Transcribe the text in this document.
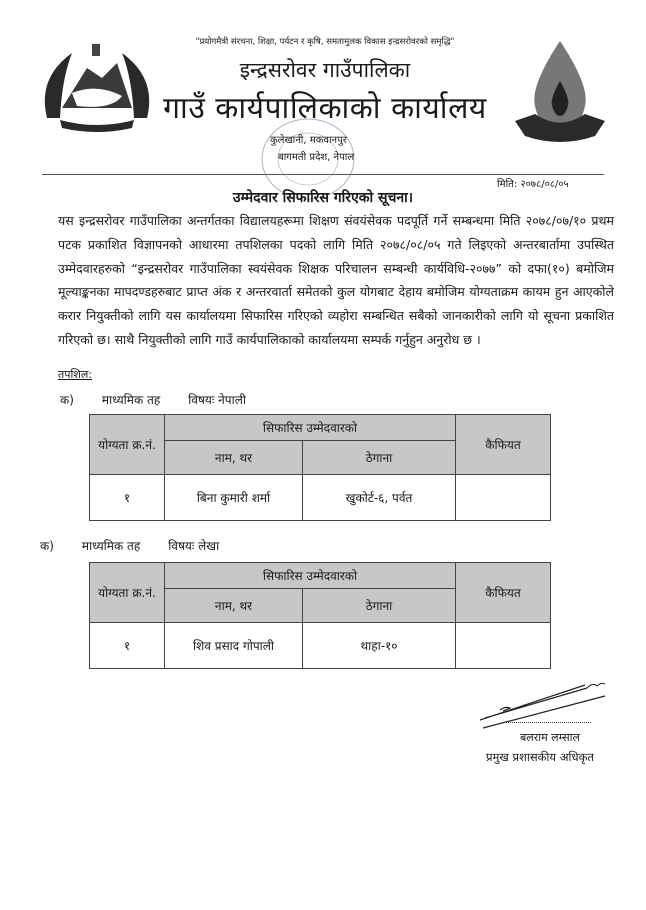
"प्रयोगमैत्री संरचना, शिक्षा, पर्यटन र कृषि, समतामुलक विकास इन्द्रसरोवरको समृद्धि"
इन्द्रसरोवर गाउँपालिका
गाउँ कार्यपालिकाको कार्यालय
कुलेखानी, मकवानपुर
बागमती प्रदेश, नेपाल
मिति: २०७८/०८/०५
उम्मेदवार सिफारिस गरिएको सूचना।
यस इन्द्रसरोवर गाउँपालिका अन्तर्गतका विद्यालयहरूमा शिक्षण संवयंसेवक पदपूर्ति गर्ने सम्बन्धमा मिति २०७८/०७/१० प्रथम पटक प्रकाशित विज्ञापनको आधारमा तपशिलका पदको लागि मिति २०७८/०८/०५ गते लिइएको अन्तरबार्तामा उपस्थित उम्मेदवारहरुको “इन्द्रसरोवर गाउँपालिका स्वयंसेवक शिक्षक परिचालन सम्बन्धी कार्यविधि-२०७७” को दफा(१०) बमोजिम मूल्याङ्कनका मापदण्डहरुबाट प्राप्त अंक र अन्तरवार्ता समेतको कुल योगबाट देहाय बमोजिम योग्यताक्रम कायम हुन आएकोले करार नियुक्तीको लागि यस कार्यालयमा सिफारिस गरिएको व्यहोरा सम्बन्धित सबैको जानकारीको लागि यो सूचना प्रकाशित गरिएको छ। साथै नियुक्तीको लागि गाउँ कार्यपालिकाको कार्यालयमा सम्पर्क गर्नुहुन अनुरोध छ ।
तपशिल:
क) माध्यमिक तह विषयः नेपाली
योग्यता क्र.नं.	सिफारिस उम्मेदवारको		कैफियत
	नाम, थर	ठेगाना	
१	बिना कुमारी शर्मा	खुकोर्ट-६, पर्वत	
क) माध्यमिक तह विषयः लेखा
योग्यता क्र.नं.	सिफारिस उम्मेदवारको		कैफियत
	नाम, थर	ठेगाना	
१	शिव प्रसाद गोपाली	थाहा-१०	
बलराम लम्साल
प्रमुख प्रशासकीय अधिकृत
